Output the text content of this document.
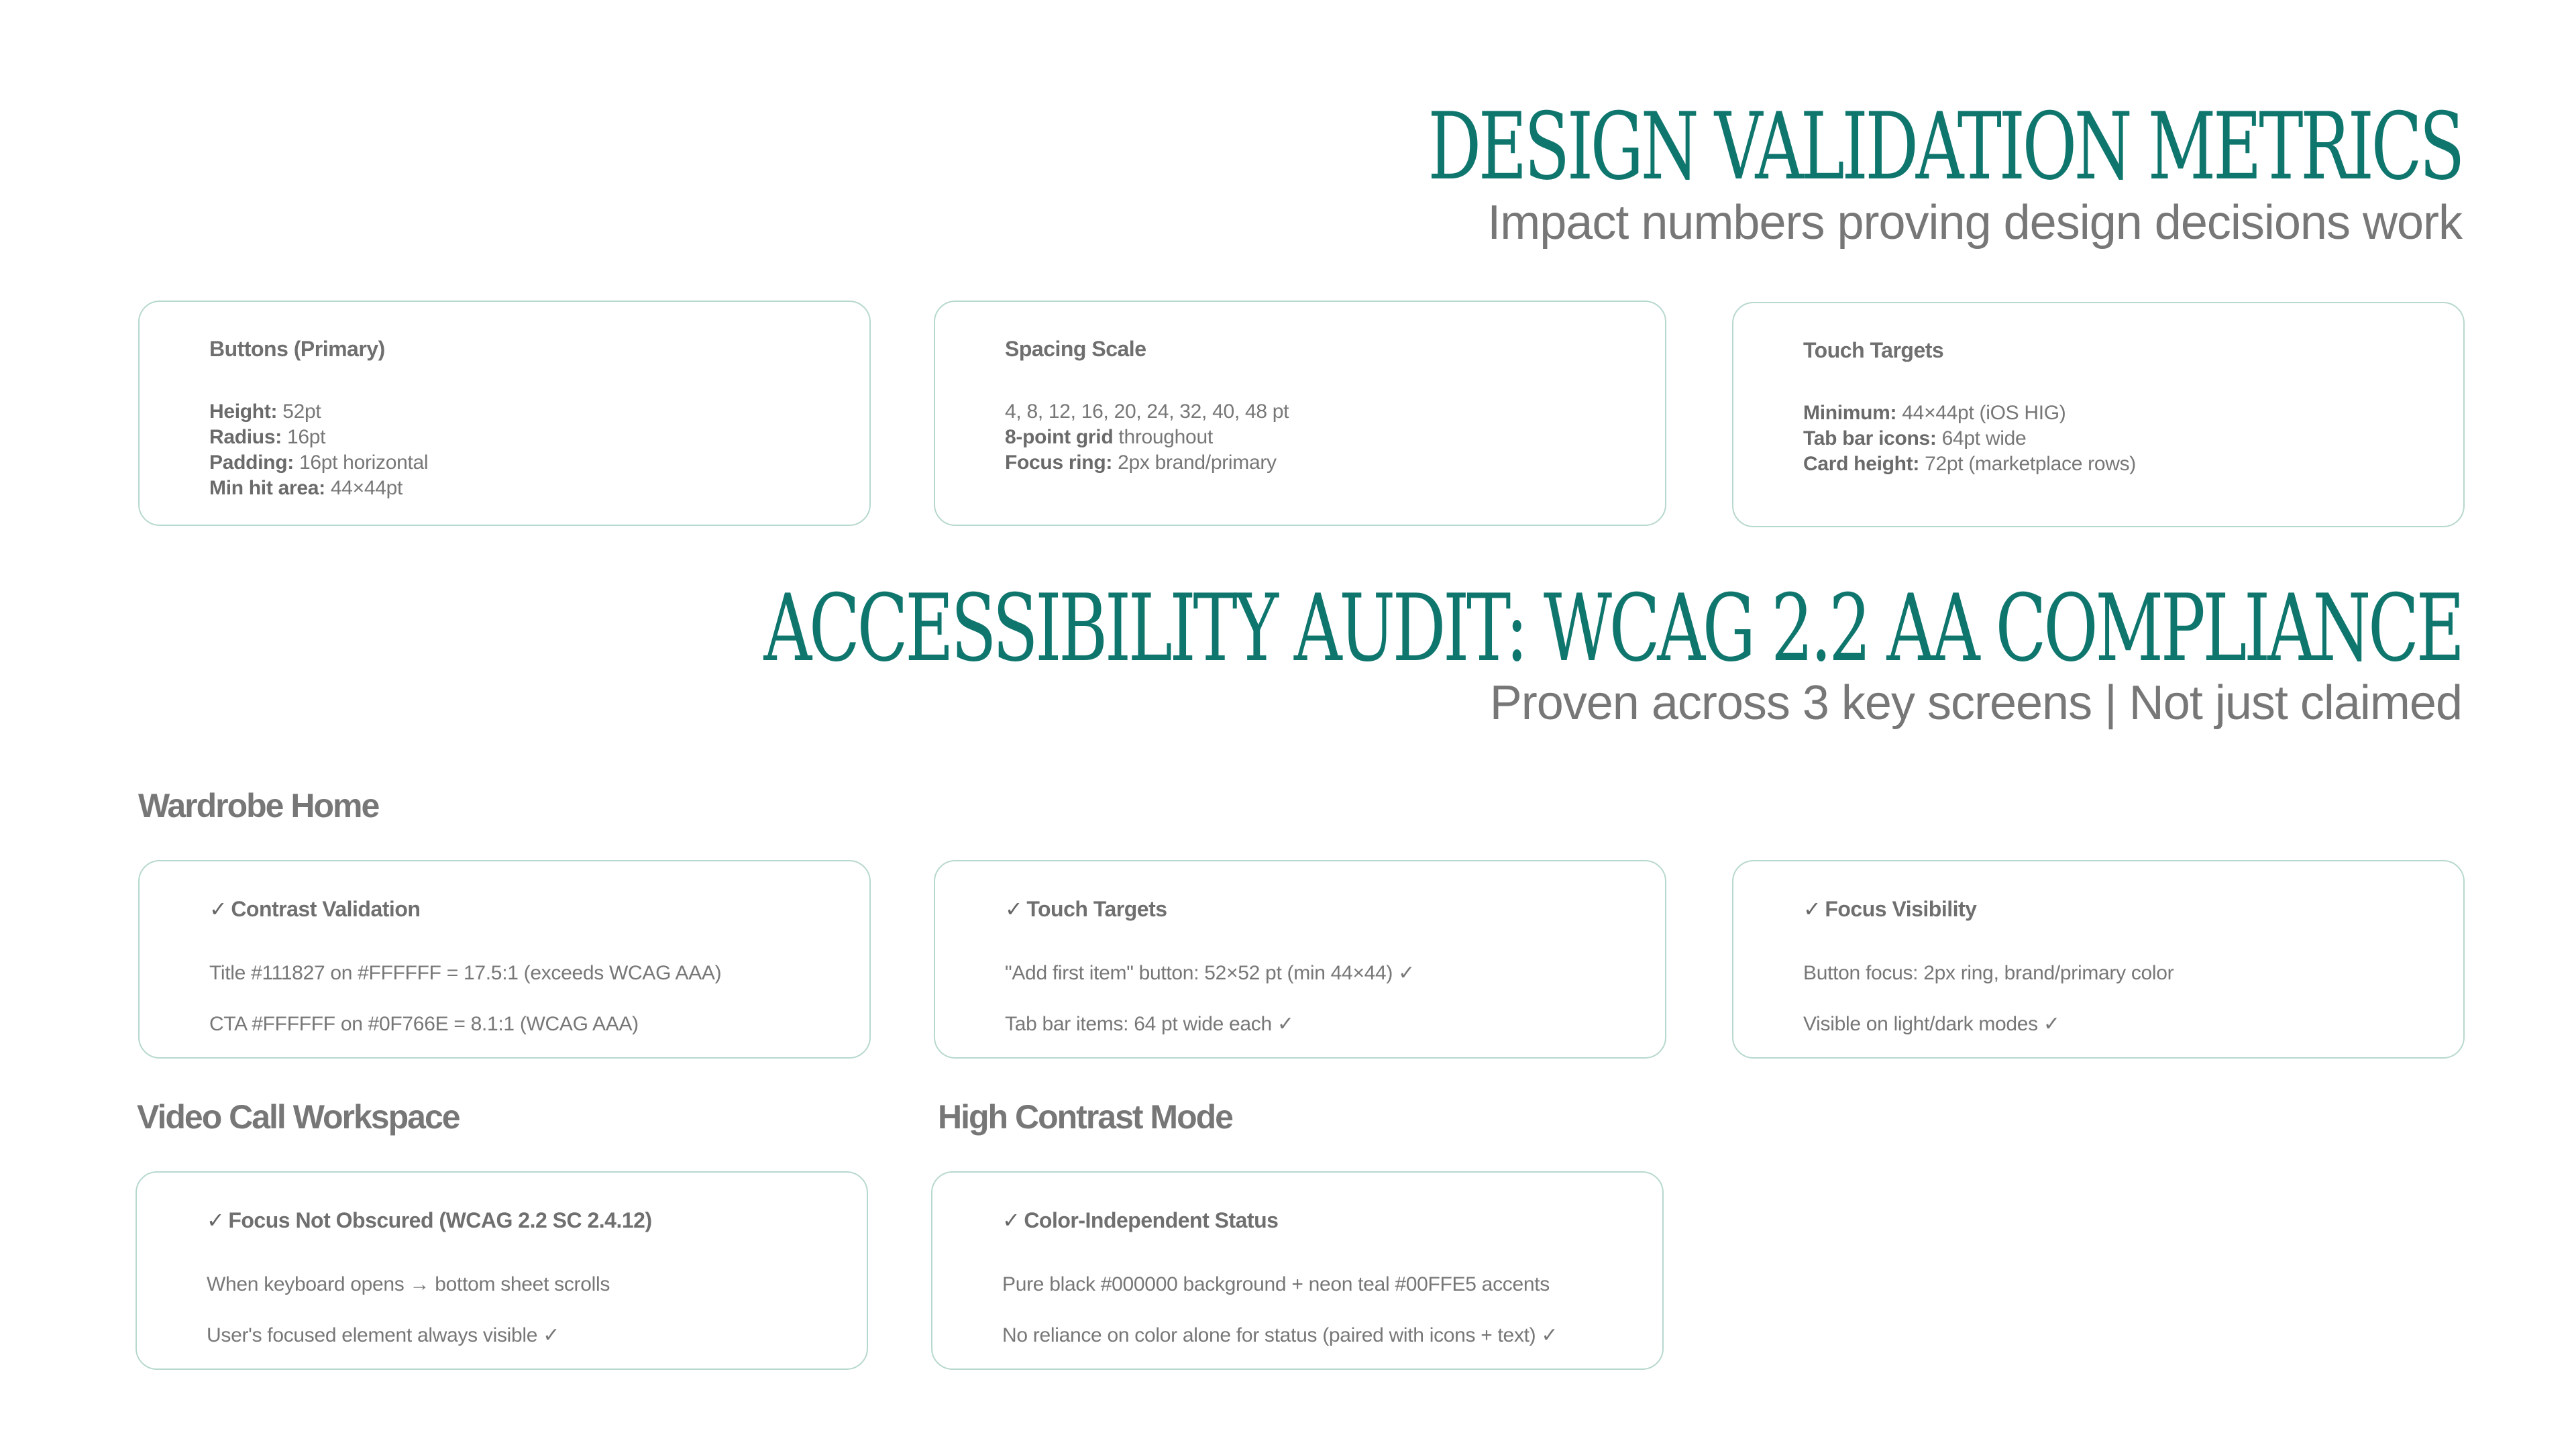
DESIGN VALIDATION METRICS

Impact numbers proving design decisions work

Buttons (Primary)
Height: 52pt
Radius: 16pt
Padding: 16pt horizontal
Min hit area: 44×44pt
Spacing Scale
4, 8, 12, 16, 20, 24, 32, 40, 48 pt
8-point grid throughout
Focus ring: 2px brand/primary
Touch Targets
Minimum: 44×44pt (iOS HIG)
Tab bar icons: 64pt wide
Card height: 72pt (marketplace rows)
ACCESSIBILITY AUDIT: WCAG 2.2 AA COMPLIANCE

Proven across 3 key screens | Not just claimed

Wardrobe Home
✓ Contrast Validation
Title #111827 on #FFFFFF = 17.5:1 (exceeds WCAG AAA)
CTA #FFFFFF on #0F766E = 8.1:1 (WCAG AAA)
✓ Touch Targets
"Add first item" button: 52×52 pt (min 44×44) ✓
Tab bar items: 64 pt wide each ✓
✓ Focus Visibility
Button focus: 2px ring, brand/primary color
Visible on light/dark modes ✓
Video Call Workspace	High Contrast Mode
✓ Focus Not Obscured (WCAG 2.2 SC 2.4.12)
When keyboard opens → bottom sheet scrolls
User's focused element always visible ✓
✓ Color-Independent Status
Pure black #000000 background + neon teal #00FFE5 accents
No reliance on color alone for status (paired with icons + text) ✓
